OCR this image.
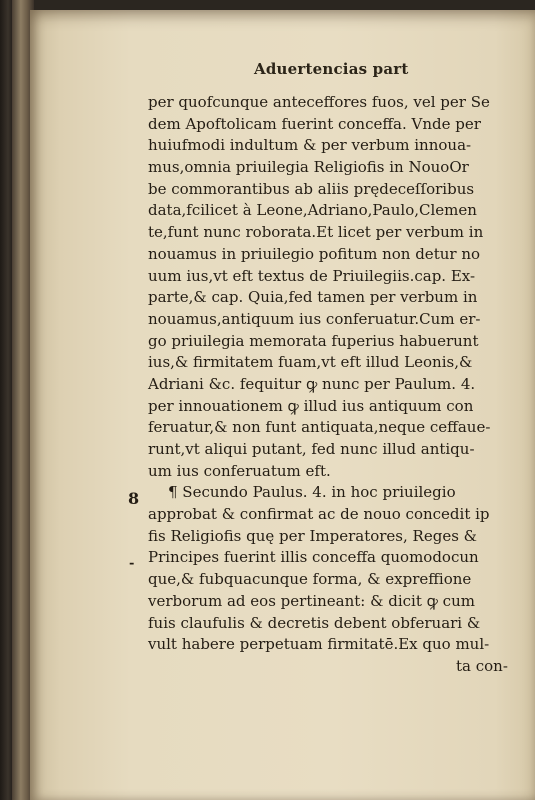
Aduertencias part
8
-
per quofcunque anteceffores fuos, vel per Se
dem Apoftolicam fuerint conceffa. Vnde per
huiufmodi indultum & per verbum innoua-
mus,omnia priuilegia Religiofis in NouoOr
be commorantibus ab aliis prędeceſſoribus
data,fcilicet à Leone,Adriano,Paulo,Clemen
te,funt nunc roborata.Et licet per verbum in
nouamus in priuilegio pofitum non detur no
uum ius,vt eft textus de Priuilegiis.cap. Ex-
parte,& cap. Quia,fed tamen per verbum in
nouamus,antiquum ius conferuatur.Cum er-
go priuilegia memorata fuperius habuerunt
ius,& firmitatem fuam,vt eft illud Leonis,&
Adriani &c. fequitur ꝙ nunc per Paulum. 4.
per innouationem ꝙ illud ius antiquum con
feruatur,& non funt antiquata,neque ceffaue-
runt,vt aliqui putant, fed nunc illud antiqu-
um ius conferuatum eft.
¶ Secundo Paulus. 4. in hoc priuilegio
approbat & confirmat ac de nouo concedit ip
fis Religiofis quę per Imperatores, Reges &
Principes fuerint illis conceffa quomodocun
que,& fubquacunque forma, & expreffione
verborum ad eos pertineant: & dicit ꝙ cum
fuis claufulis & decretis debent obferuari &
vult habere perpetuam firmitatē.Ex quo mul-
ta con-
